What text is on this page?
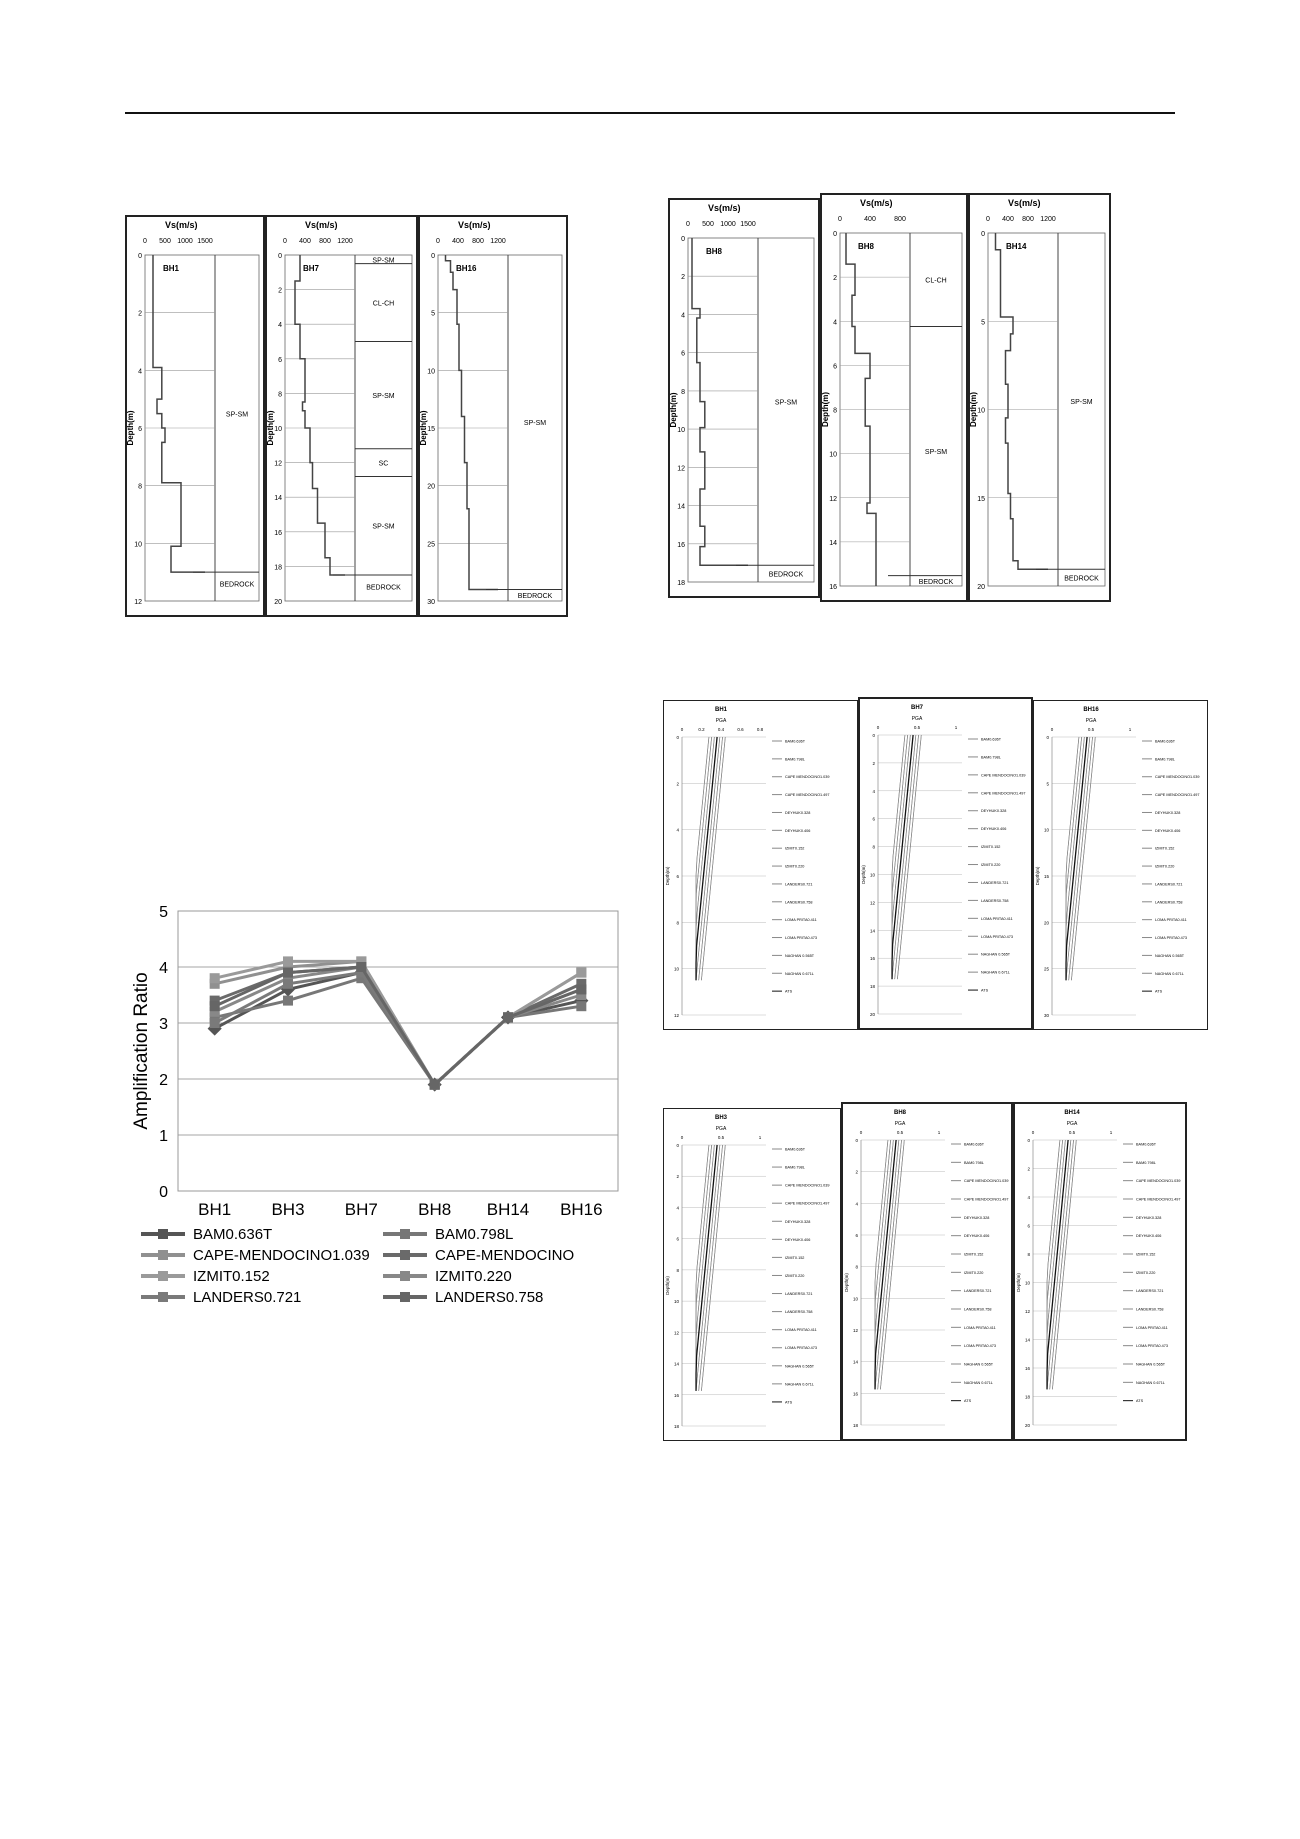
Vs(m/s)
0 500 1000 1500
0
2
4
6
8
10
12
Depth(m)
BH1
SP-SM
BEDROCK
Vs(m/s)
0 400 800 1200
0
2
4
6
8
10
12
14
16
18
20
Depth(m)
BH7
SP-SM
CL-CH
SP-SM
SC
SP-SM
BEDROCK
Vs(m/s)
0 400 800 1200
0
5
10
15
20
25
30
Depth(m)
BH16
SP-SM
BEDROCK
Vs(m/s)
0 500 1000 1500
0
2
4
6
8
10
12
14
16
18
Depth(m)
BH8
SP-SM
BEDROCK
Vs(m/s)
0	400	800
0
2
4
6
8
10
12
14
16
Depth(m)
BH8
CL-CH
SP-SM
BEDROCK
Vs(m/s)
0 400 800 1200
0
5
10
15
20
Depth(m)
BH14
SP-SM
BEDROCK
0
1
2
3
4
5
Amplification Ratio
BH1 BH3 BH7 BH8 BH14 BH16
BAM0.636T	BAM0.798L
CAPE-MENDOCINO1.039	CAPE-MENDOCINO
IZMIT0.152	IZMIT0.220
LANDERS0.721	LANDERS0.758
BH1
PGA
0	0.2	0.4	0.6	0.8
0
2
4
6
8
10
12
Depth(m)
BAM0.636T
BAM0.798L
CAPE MENDOCINO1.039
CAPE MENDOCINO1.497
DEYHUK0.328
DEYHUK0.406
IZMIT0.152
IZMIT0.220
LANDERS0.721
LANDERS0.758
LOMA PRITA0.411
LOMA PRITA0.473
NAGHAN 0.565T
NAGHAN 0.671L
ATS
BH7
PGA
0	0.5	1
0
2
4
6
8
10
12
14
16
18
20
Depth(m)
BAM0.636T
BAM0.798L
CAPE MENDOCINO1.039
CAPE MENDOCINO1.497
DEYHUK0.328
DEYHUK0.406
IZMIT0.152
IZMIT0.220
LANDERS0.721
LANDERS0.758
LOMA PRITA0.411
LOMA PRITA0.473
NAGHAN 0.565T
NAGHAN 0.671L
ATS
BH16
PGA
0	0.5	1
0
5
10
15
20
25
30
Depth(m)
BAM0.636T
BAM0.798L
CAPE MENDOCINO1.039
CAPE MENDOCINO1.497
DEYHUK0.328
DEYHUK0.406
IZMIT0.152
IZMIT0.220
LANDERS0.721
LANDERS0.758
LOMA PRITA0.411
LOMA PRITA0.473
NAGHAN 0.565T
NAGHAN 0.671L
ATS
BH3
PGA
0	0.5	1
0
2
4
6
8
10
12
14
16
18
Depth(m)
BAM0.636T
BAM0.798L
CAPE MENDOCINO1.039
CAPE MENDOCINO1.497
DEYHUK0.328
DEYHUK0.406
IZMIT0.152
IZMIT0.220
LANDERS0.721
LANDERS0.758
LOMA PRITA0.411
LOMA PRITA0.473
NAGHAN 0.565T
NAGHAN 0.671L
ATS
BH8
PGA
0	0.5	1
0
2
4
6
8
10
12
14
16
18
Depth(m)
BAM0.636T
BAM0.798L
CAPE MENDOCINO1.039
CAPE MENDOCINO1.497
DEYHUK0.328
DEYHUK0.406
IZMIT0.152
IZMIT0.220
LANDERS0.721
LANDERS0.758
LOMA PRITA0.411
LOMA PRITA0.473
NAGHAN 0.565T
NAGHAN 0.671L
ATS
BH14
PGA
0	0.5	1
0
2
4
6
8
10
12
14
16
18
20
Depth(m)
BAM0.636T
BAM0.798L
CAPE MENDOCINO1.039
CAPE MENDOCINO1.497
DEYHUK0.328
DEYHUK0.406
IZMIT0.152
IZMIT0.220
LANDERS0.721
LANDERS0.758
LOMA PRITA0.411
LOMA PRITA0.473
NAGHAN 0.565T
NAGHAN 0.671L
ATS
